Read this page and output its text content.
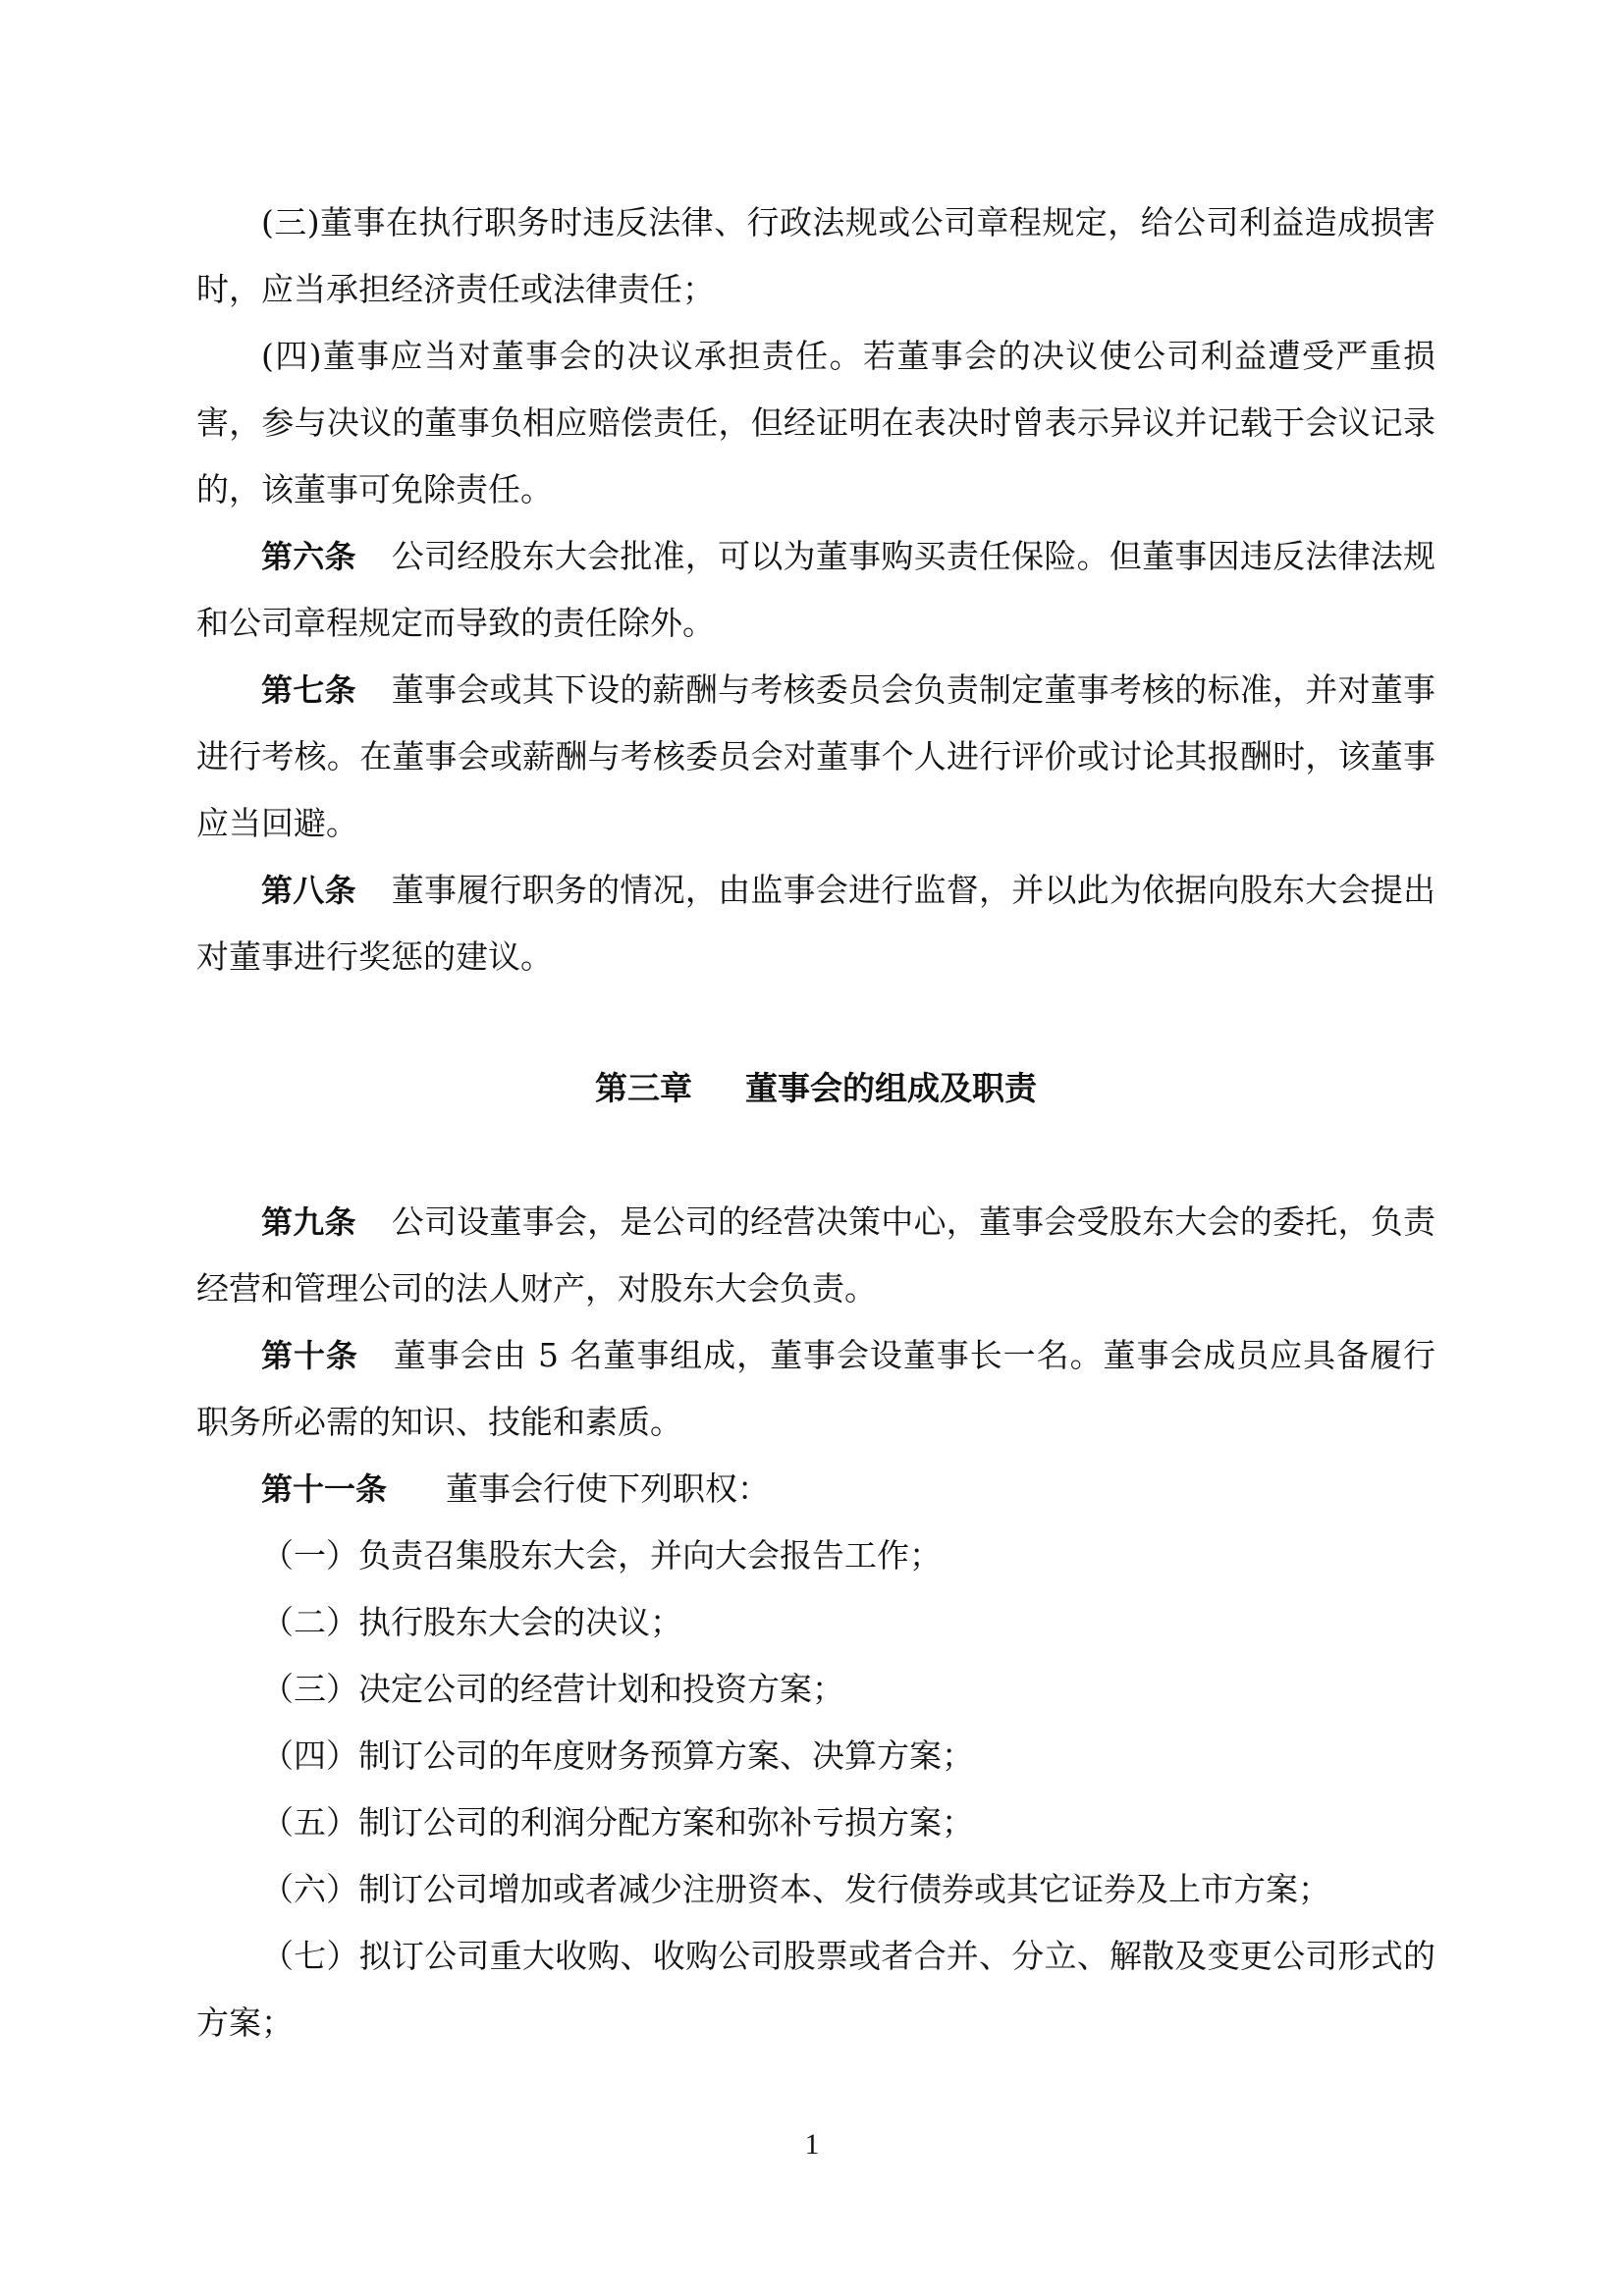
(三)董事在执行职务时违反法律、行政法规或公司章程规定，给公司利益造成损害时，应当承担经济责任或法律责任；

(四)董事应当对董事会的决议承担责任。若董事会的决议使公司利益遭受严重损害，参与决议的董事负相应赔偿责任，但经证明在表决时曾表示异议并记载于会议记录的，该董事可免除责任。

第六条 公司经股东大会批准，可以为董事购买责任保险。但董事因违反法律法规和公司章程规定而导致的责任除外。

第七条 董事会或其下设的薪酬与考核委员会负责制定董事考核的标准，并对董事进行考核。在董事会或薪酬与考核委员会对董事个人进行评价或讨论其报酬时，该董事应当回避。

第八条 董事履行职务的情况，由监事会进行监督，并以此为依据向股东大会提出对董事进行奖惩的建议。

第三章 董事会的组成及职责

第九条 公司设董事会，是公司的经营决策中心，董事会受股东大会的委托，负责经营和管理公司的法人财产，对股东大会负责。

第十条 董事会由 5 名董事组成，董事会设董事长一名。董事会成员应具备履行职务所必需的知识、技能和素质。

第十一条 董事会行使下列职权：

（一）负责召集股东大会，并向大会报告工作；

（二）执行股东大会的决议；

（三）决定公司的经营计划和投资方案；

（四）制订公司的年度财务预算方案、决算方案；

（五）制订公司的利润分配方案和弥补亏损方案；

（六）制订公司增加或者减少注册资本、发行债券或其它证券及上市方案；

（七）拟订公司重大收购、收购公司股票或者合并、分立、解散及变更公司形式的方案；

1
